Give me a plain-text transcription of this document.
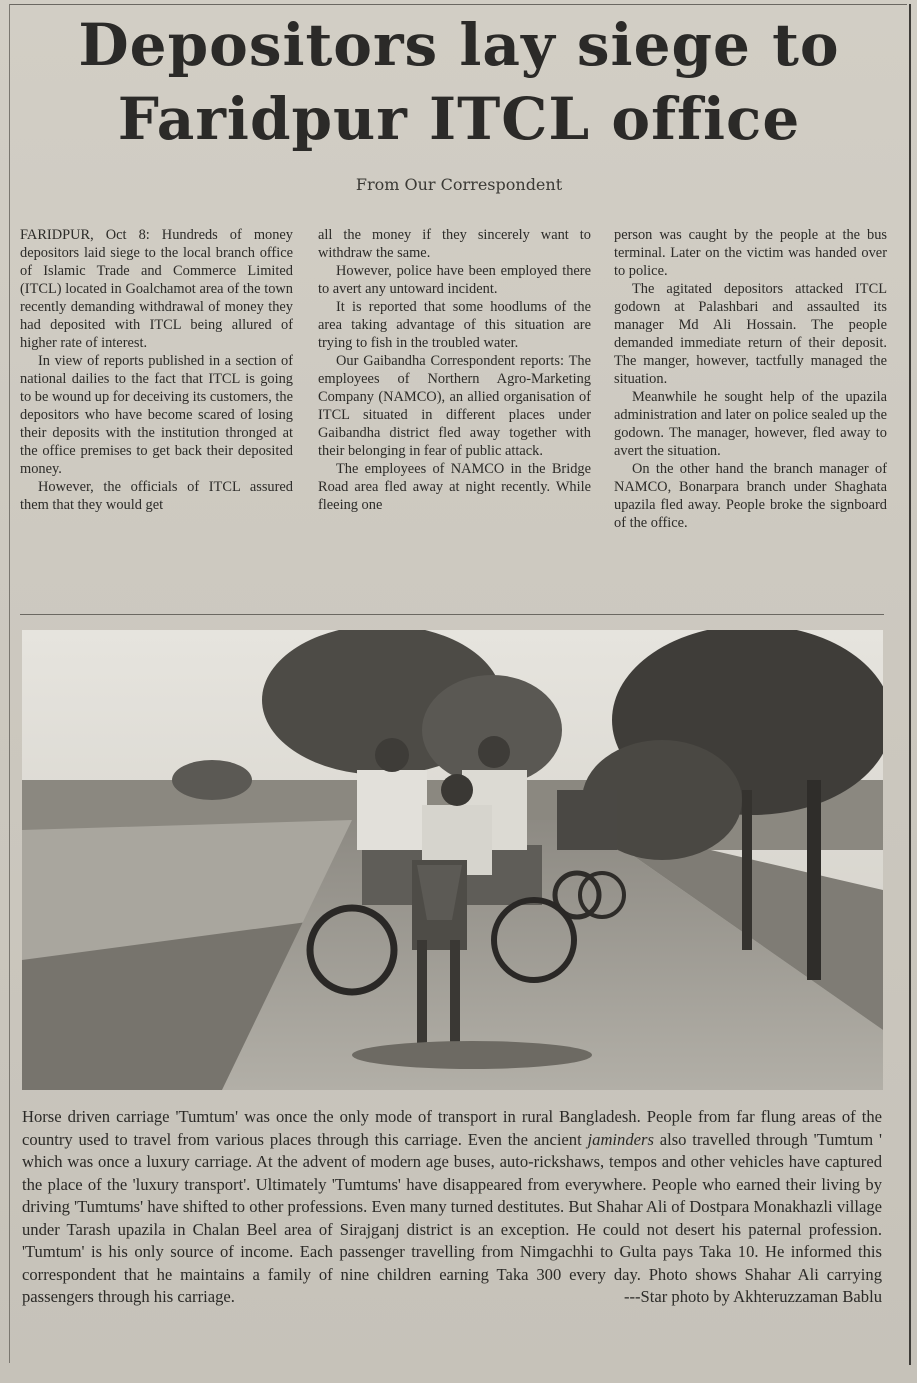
Depositors lay siege to
Faridpur ITCL office
From Our Correspondent

FARIDPUR, Oct 8: Hundreds of money depositors laid siege to the local branch office of Islamic Trade and Commerce Limited (ITCL) located in Goalchamot area of the town recently demanding withdrawal of money they had deposited with ITCL being allured of higher rate of interest.

In view of reports published in a section of national dailies to the fact that ITCL is going to be wound up for deceiving its customers, the depositors who have become scared of losing their deposits with the institution thronged at the office premises to get back their deposited money.

However, the officials of ITCL assured them that they would get

all the money if they sincerely want to withdraw the same.

However, police have been employed there to avert any untoward incident.

It is reported that some hoodlums of the area taking advantage of this situation are trying to fish in the troubled water.

Our Gaibandha Correspondent reports: The employees of Northern Agro-Marketing Company (NAMCO), an allied organisation of ITCL situated in different places under Gaibandha district fled away together with their belonging in fear of public attack.

The employees of NAMCO in the Bridge Road area fled away at night recently. While fleeing one

person was caught by the people at the bus terminal. Later on the victim was handed over to police.

The agitated depositors attacked ITCL godown at Palashbari and assaulted its manager Md Ali Hossain. The people demanded immediate return of their deposit. The manger, however, tactfully managed the situation.

Meanwhile he sought help of the upazila administration and later on police sealed up the godown. The manager, however, fled away to avert the situation.

On the other hand the branch manager of NAMCO, Bonarpara branch under Shaghata upazila fled away. People broke the signboard of the office.

Horse driven carriage 'Tumtum' was once the only mode of transport in rural Bangladesh. People from far flung areas of the country used to travel from various places through this carriage. Even the ancient jaminders also travelled through 'Tumtum ' which was once a luxury carriage. At the advent of modern age buses, auto-rickshaws, tempos and other vehicles have captured the place of the 'luxury transport'. Ultimately 'Tumtums' have disappeared from everywhere. People who earned their living by driving 'Tumtums' have shifted to other professions. Even many turned destitutes. But Shahar Ali of Dostpara Monakhazli village under Tarash upazila in Chalan Beel area of Sirajganj district is an exception. He could not desert his paternal profession. 'Tumtum' is his only source of income. Each passenger travelling from Nimgachhi to Gulta pays Taka 10. He informed this correspondent that he maintains a family of nine children earning Taka 300 every day. Photo shows Shahar Ali carrying passengers through his carriage.	---Star photo by Akhteruzzaman Bablu
